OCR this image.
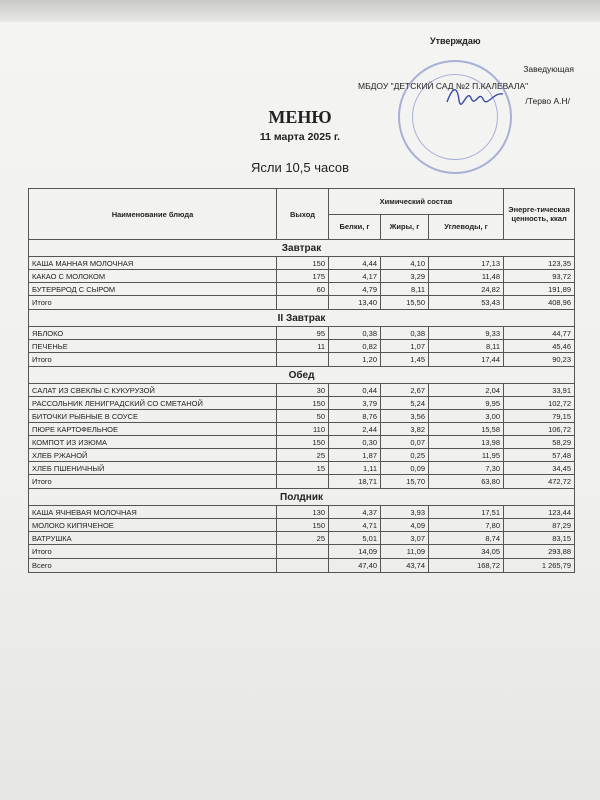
Утверждаю
Заведующая
МБДОУ "ДЕТСКИЙ САД №2 П.КАЛЕВАЛА"
/Терво А.Н/
МЕНЮ
11 марта 2025 г.
Ясли 10,5 часов
Наименование блюда	Выход	Химический состав			Энерге-тическая ценность, ккал
		Белки, г	Жиры, г	Углеводы, г	
Завтрак					
КАША МАННАЯ МОЛОЧНАЯ	150	4,44	4,10	17,13	123,35
КАКАО С МОЛОКОМ	175	4,17	3,29	11,48	93,72
БУТЕРБРОД С СЫРОМ	60	4,79	8,11	24,82	191,89
Итого		13,40	15,50	53,43	408,96
II Завтрак					
ЯБЛОКО	95	0,38	0,38	9,33	44,77
ПЕЧЕНЬЕ	11	0,82	1,07	8,11	45,46
Итого		1,20	1,45	17,44	90,23
Обед					
САЛАТ ИЗ СВЕКЛЫ С КУКУРУЗОЙ	30	0,44	2,67	2,04	33,91
РАССОЛЬНИК ЛЕНИГРАДСКИЙ СО СМЕТАНОЙ	150	3,79	5,24	9,95	102,72
БИТОЧКИ РЫБНЫЕ В СОУСЕ	50	8,76	3,56	3,00	79,15
ПЮРЕ КАРТОФЕЛЬНОЕ	110	2,44	3,82	15,58	106,72
КОМПОТ ИЗ ИЗЮМА	150	0,30	0,07	13,98	58,29
ХЛЕБ РЖАНОЙ	25	1,87	0,25	11,95	57,48
ХЛЕБ ПШЕНИЧНЫЙ	15	1,11	0,09	7,30	34,45
Итого		18,71	15,70	63,80	472,72
Полдник					
КАША ЯЧНЕВАЯ МОЛОЧНАЯ	130	4,37	3,93	17,51	123,44
МОЛОКО КИПЯЧЕНОЕ	150	4,71	4,09	7,80	87,29
ВАТРУШКА	25	5,01	3,07	8,74	83,15
Итого		14,09	11,09	34,05	293,88
Всего		47,40	43,74	168,72	1 265,79
